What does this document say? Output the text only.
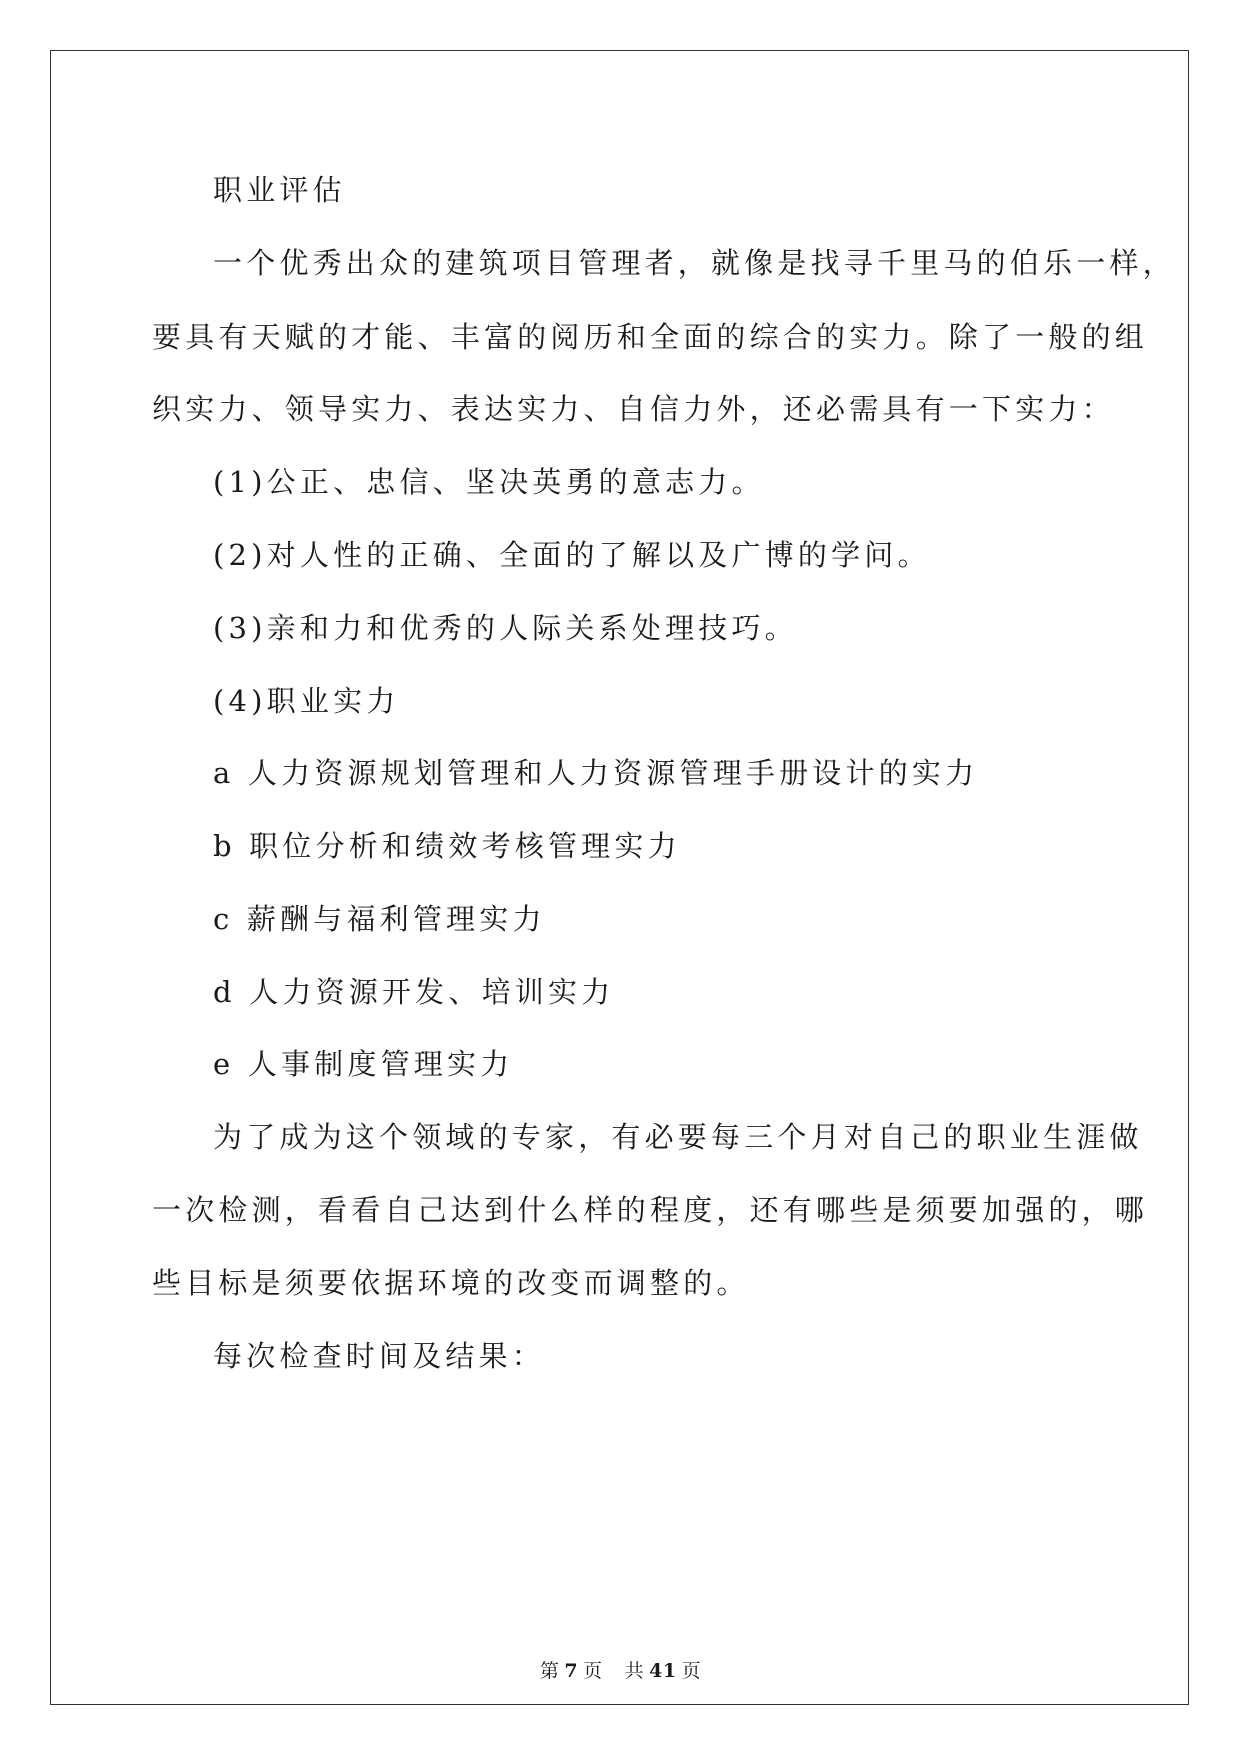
职业评估
一个优秀出众的建筑项目管理者，就像是找寻千里马的伯乐一样，
要具有天赋的才能、丰富的阅历和全面的综合的实力。除了一般的组
织实力、领导实力、表达实力、自信力外，还必需具有一下实力：
(1)公正、忠信、坚决英勇的意志力。
(2)对人性的正确、全面的了解以及广博的学问。
(3)亲和力和优秀的人际关系处理技巧。
(4)职业实力
a 人力资源规划管理和人力资源管理手册设计的实力
b 职位分析和绩效考核管理实力
c 薪酬与福利管理实力
d 人力资源开发、培训实力
e 人事制度管理实力
为了成为这个领域的专家，有必要每三个月对自己的职业生涯做
一次检测，看看自己达到什么样的程度，还有哪些是须要加强的，哪
些目标是须要依据环境的改变而调整的。
每次检查时间及结果：
第 7 页 共 41 页
